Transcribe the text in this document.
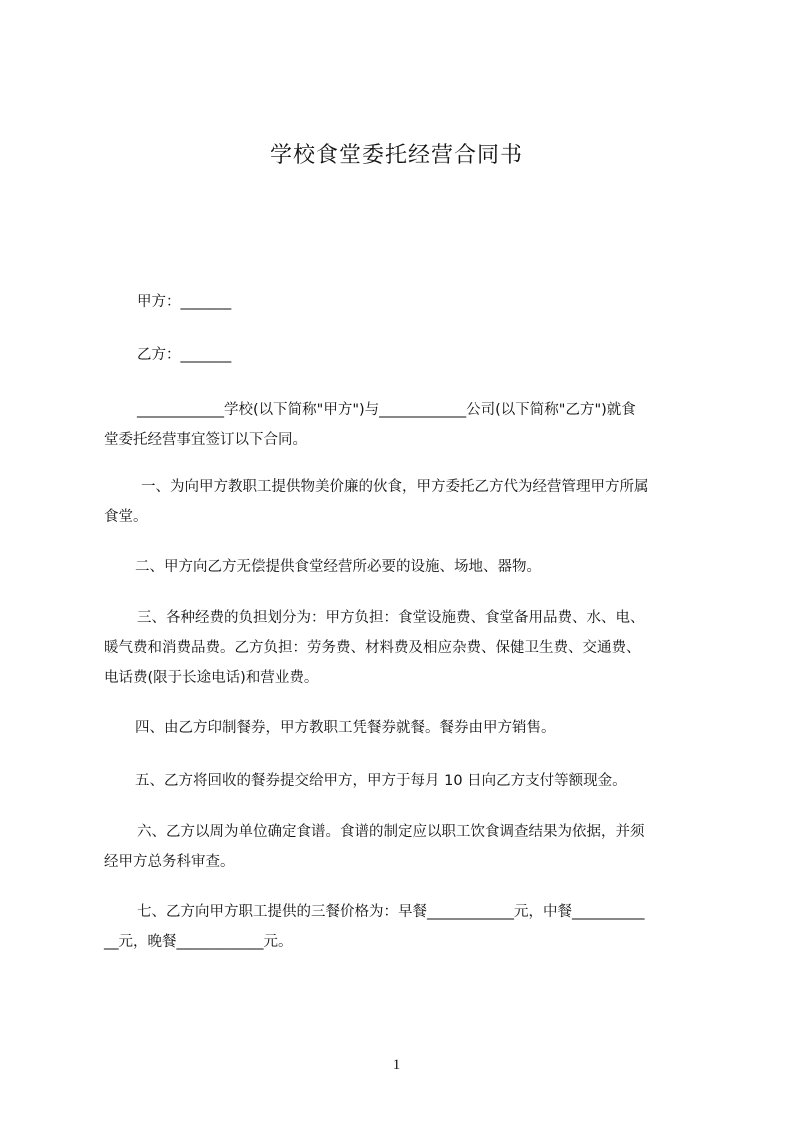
学校食堂委托经营合同书
甲方：_______
乙方：_______
____________学校(以下简称"甲方")与____________公司(以下简称"乙方")就食
堂委托经营事宜签订以下合同。
一、为向甲方教职工提供物美价廉的伙食，甲方委托乙方代为经营管理甲方所属
食堂。
二、甲方向乙方无偿提供食堂经营所必要的设施、场地、器物。
三、各种经费的负担划分为：甲方负担：食堂设施费、食堂备用品费、水、电、
暖气费和消费品费。乙方负担：劳务费、材料费及相应杂费、保健卫生费、交通费、
电话费(限于长途电话)和营业费。
四、由乙方印制餐券，甲方教职工凭餐券就餐。餐券由甲方销售。
五、乙方将回收的餐券提交给甲方，甲方于每月 10 日向乙方支付等额现金。
六、乙方以周为单位确定食谱。食谱的制定应以职工饮食调查结果为依据，并须
经甲方总务科审查。
七、乙方向甲方职工提供的三餐价格为：早餐____________元，中餐__________
__元，晚餐____________元。
1
